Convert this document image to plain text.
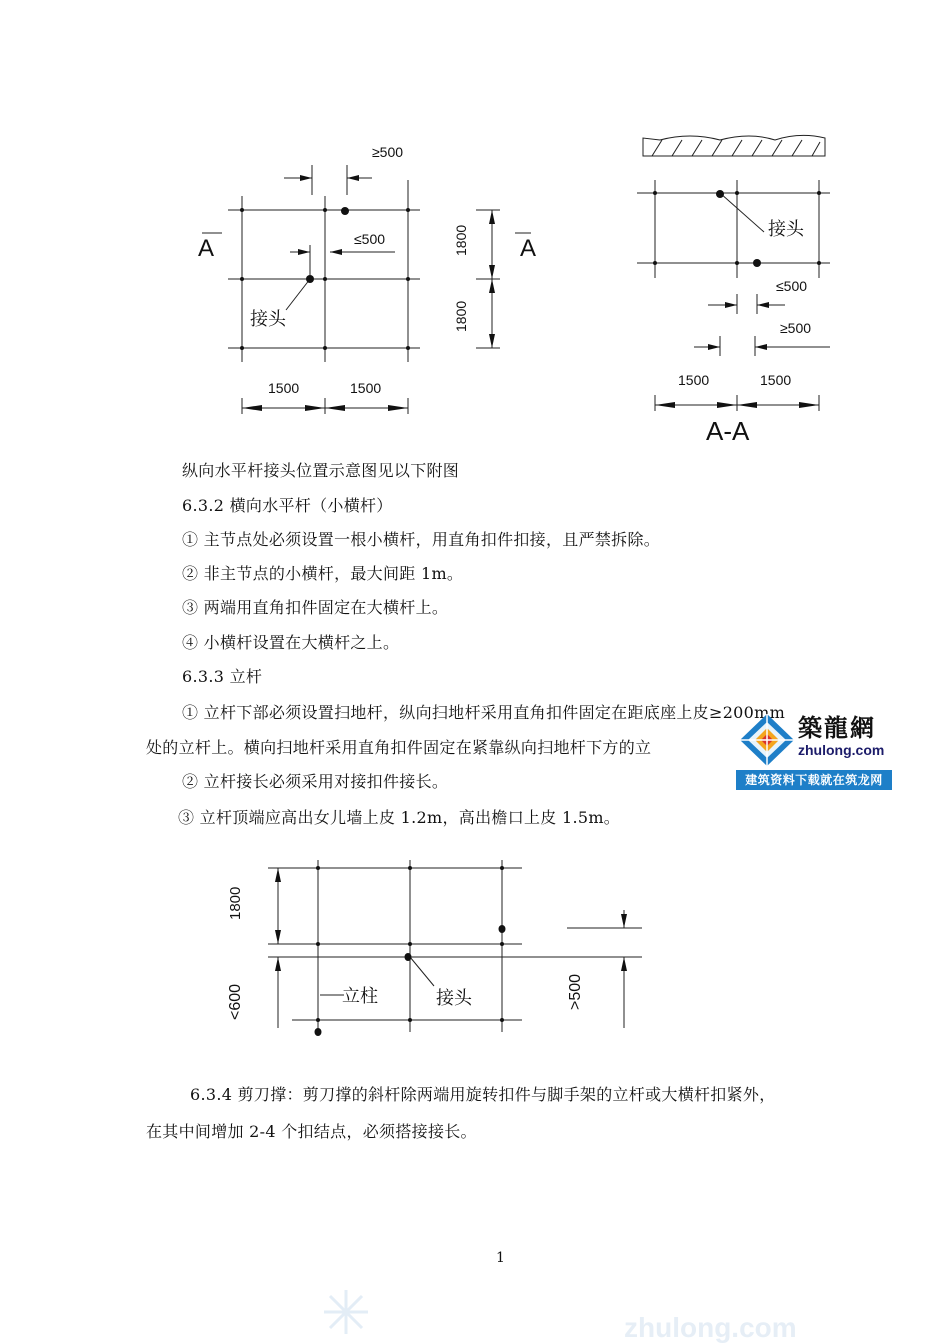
≥500
≤500
A	A
接头
1800
1800
1500	1500
接头
≤500
≥500
1500	1500
A-A
纵向水平杆接头位置示意图见以下附图
6.3.2 横向水平杆（小横杆）
① 主节点处必须设置一根小横杆，用直角扣件扣接，且严禁拆除。
② 非主节点的小横杆，最大间距 1m。
③ 两端用直角扣件固定在大横杆上。
④ 小横杆设置在大横杆之上。
6.3.3 立杆
① 立杆下部必须设置扫地杆，纵向扫地杆采用直角扣件固定在距底座上皮≥200mm
处的立杆上。横向扫地杆采用直角扣件固定在紧靠纵向扫地杆下方的立
② 立杆接长必须采用对接扣件接长。
③ 立杆顶端应高出女儿墙上皮 1.2m，高出檐口上皮 1.5m。
築龍網
zhulong.com
建筑资料下载就在筑龙网
1800
<600	>500
立柱	接头
6.3.4 剪刀撑：剪刀撑的斜杆除两端用旋转扣件与脚手架的立杆或大横杆扣紧外，
在其中间增加 2-4 个扣结点，必须搭接接长。
1
zhulong.com
